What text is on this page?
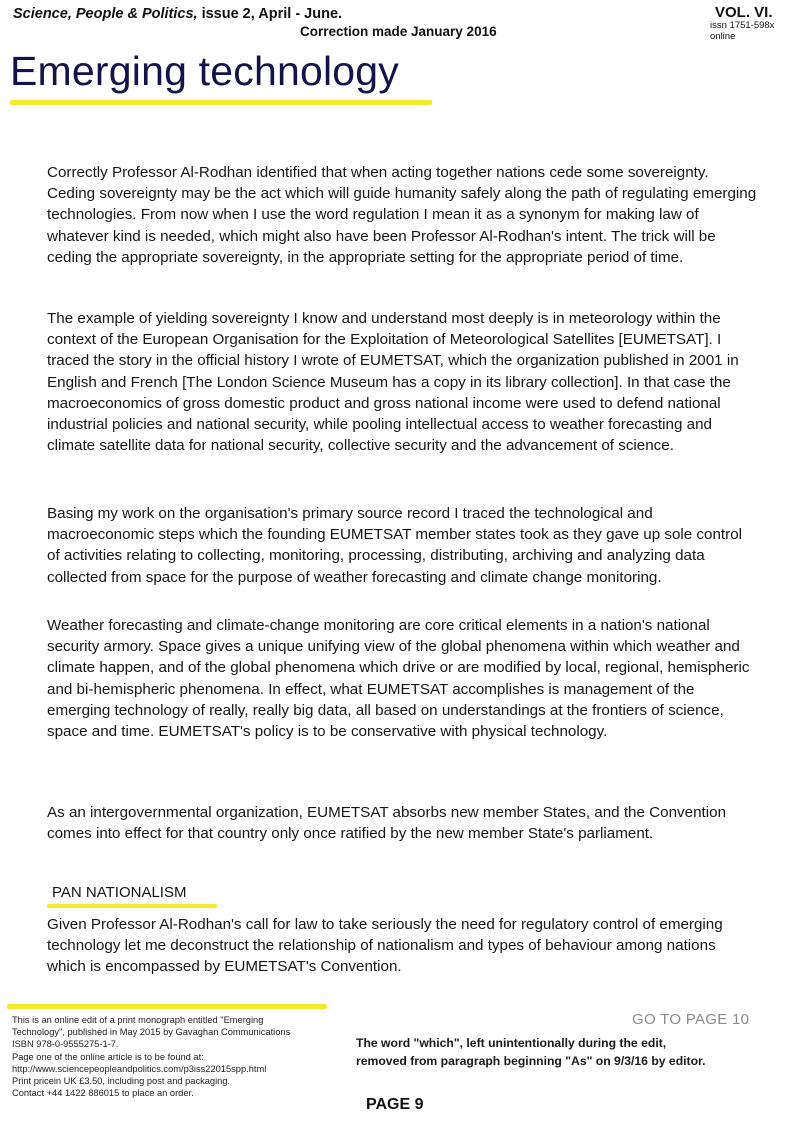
Science, People & Politics, issue 2, April - June.
Correction made January 2016
VOL. VI.
issn 1751-598x
online
Emerging technology
Correctly Professor Al-Rodhan identified that when acting together nations cede some sovereignty. Ceding sovereignty may be the act which will guide humanity safely along the path of regulating emerging technologies. From now when I use the word regulation I mean it as a synonym for making law of whatever kind is needed, which might also have been Professor Al-Rodhan's intent. The trick will be ceding the appropriate sovereignty, in the appropriate setting for the appropriate period of time.
The example of yielding sovereignty I know and understand most deeply is in meteorology within the context of the European Organisation for the Exploitation of Meteorological Satellites [EUMETSAT]. I traced the story in the official history I wrote of EUMETSAT, which the organization published in 2001 in English and French [The London Science Museum has a copy in its library collection]. In that case the macroeconomics of gross domestic product and gross national income were used to defend national industrial policies and national security, while pooling intellectual access to weather forecasting and climate satellite data for national security, collective security and the advancement of science.
Basing my work on the organisation's primary source record I traced the technological and macroeconomic steps which the founding EUMETSAT member states took as they gave up sole control of activities relating to collecting, monitoring, processing, distributing, archiving and analyzing data collected from space for the purpose of weather forecasting and climate change monitoring.
Weather forecasting and climate-change monitoring are core critical elements in a nation's national security armory. Space gives a unique unifying view of the global phenomena within which weather and climate happen, and of the global phenomena which drive or are modified by local, regional, hemispheric and bi-hemispheric phenomena. In effect, what EUMETSAT accomplishes is management of the emerging technology of really, really big data, all based on understandings at the frontiers of science, space and time. EUMETSAT's policy is to be conservative with physical technology.
As an intergovernmental organization, EUMETSAT absorbs new member States, and the Convention comes into effect for that country only once ratified by the new member State's parliament.
PAN NATIONALISM
Given Professor Al-Rodhan's call for law to take seriously the need for regulatory control of emerging technology let me deconstruct the relationship of nationalism and types of behaviour among nations which is encompassed by EUMETSAT's Convention.
This is an online edit of a print monograph entitled "Emerging
Technology", published in May 2015 by Gavaghan Communications
ISBN 978-0-9555275-1-7.
Page one of the online article is to be found at:
http://www.sciencepeopleandpolitics.com/p3iss22015spp.html
Print pricein UK £3.50, including post and packaging.
Contact +44 1422 886015 to place an order.
GO TO PAGE 10
The word "which", left unintentionally during the edit,
removed from paragraph beginning "As" on 9/3/16 by editor.
PAGE 9
